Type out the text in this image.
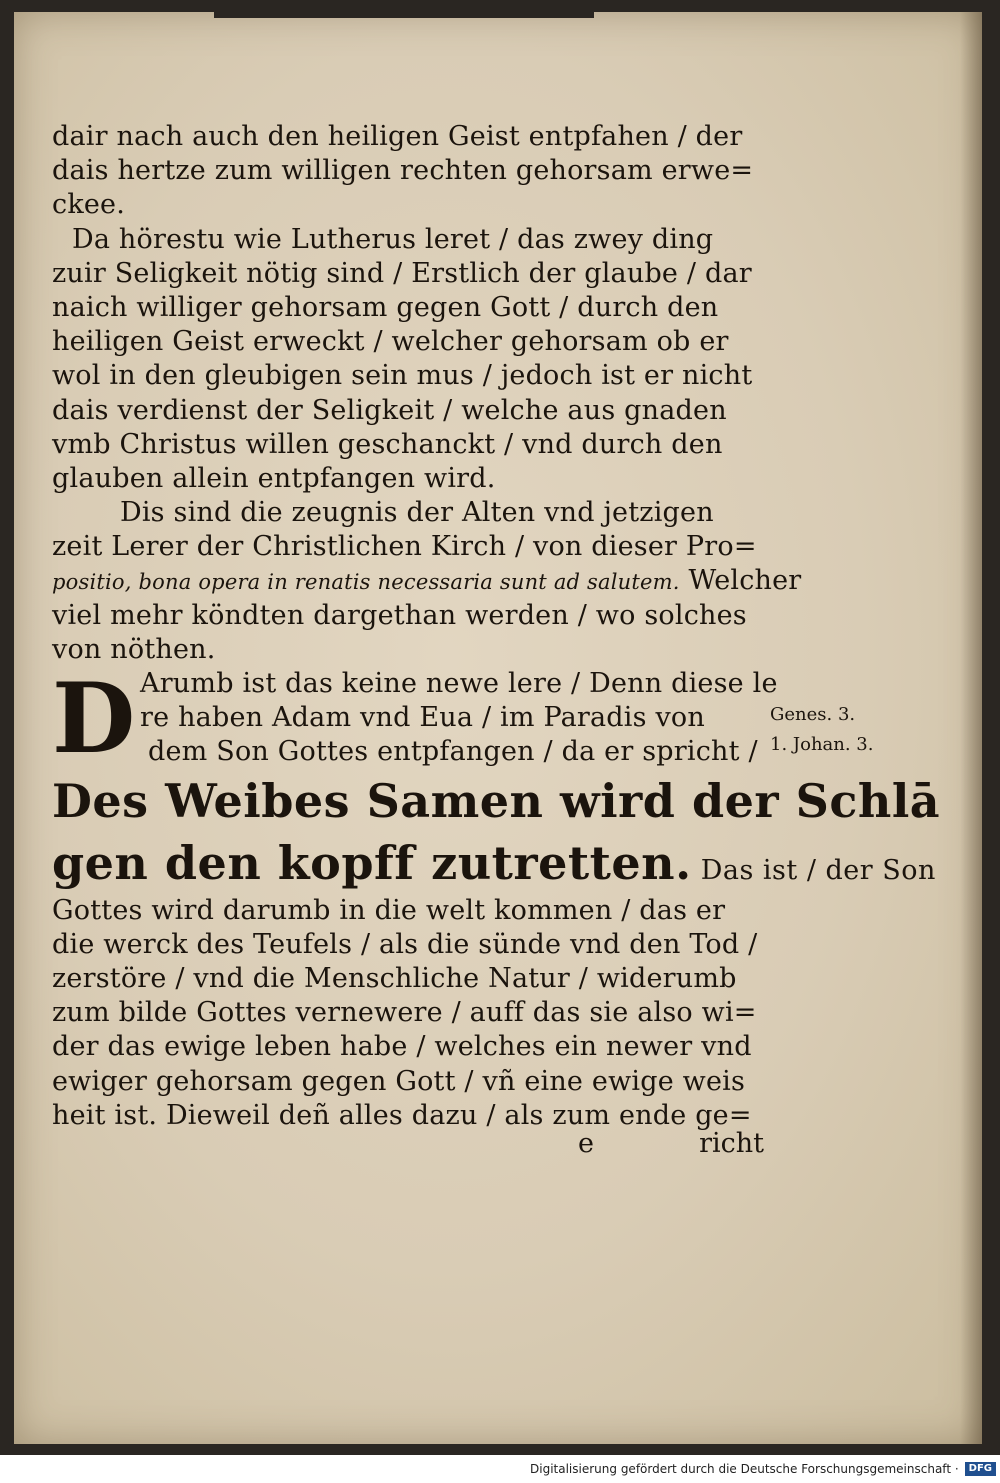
dair nach auch den heiligen Geist entpfahen / der
dais hertze zum willigen rechten gehorsam erwe=
ckee.
Da hörestu wie Lutherus leret / das zwey ding
zuir Seligkeit nötig sind / Erstlich der glaube / dar
naich williger gehorsam gegen Gott / durch den
heiligen Geist erweckt / welcher gehorsam ob er
wol in den gleubigen sein mus / jedoch ist er nicht
dais verdienst der Seligkeit / welche aus gnaden
vmb Christus willen geschanckt / vnd durch den
glauben allein entpfangen wird.
Dis sind die zeugnis der Alten vnd jetzigen
zeit Lerer der Christlichen Kirch / von dieser Pro=
positio, bona opera in renatis necessaria sunt ad salutem. Welcher
viel mehr köndten dargethan werden / wo solches
von nöthen.
D Arumb ist das keine newe lere / Denn diese le
re haben Adam vnd Eua / im Paradis von
dem Son Gottes entpfangen / da er spricht /
Des Weibes Samen wird der Schlā
gen den kopff zutretten. Das ist / der Son
Gottes wird darumb in die welt kommen / das er
die werck des Teufels / als die sünde vnd den Tod /
zerstöre / vnd die Menschliche Natur / widerumb
zum bilde Gottes vernewere / auff das sie also wi=
der das ewige leben habe / welches ein newer vnd
ewiger gehorsam gegen Gott / vñ eine ewige weis
heit ist. Dieweil deñ alles dazu / als zum ende ge=
e	richt
Genes. 3.
1. Johan. 3.
Digitalisierung gefördert durch die Deutsche Forschungsgemeinschaft ·	DFG
